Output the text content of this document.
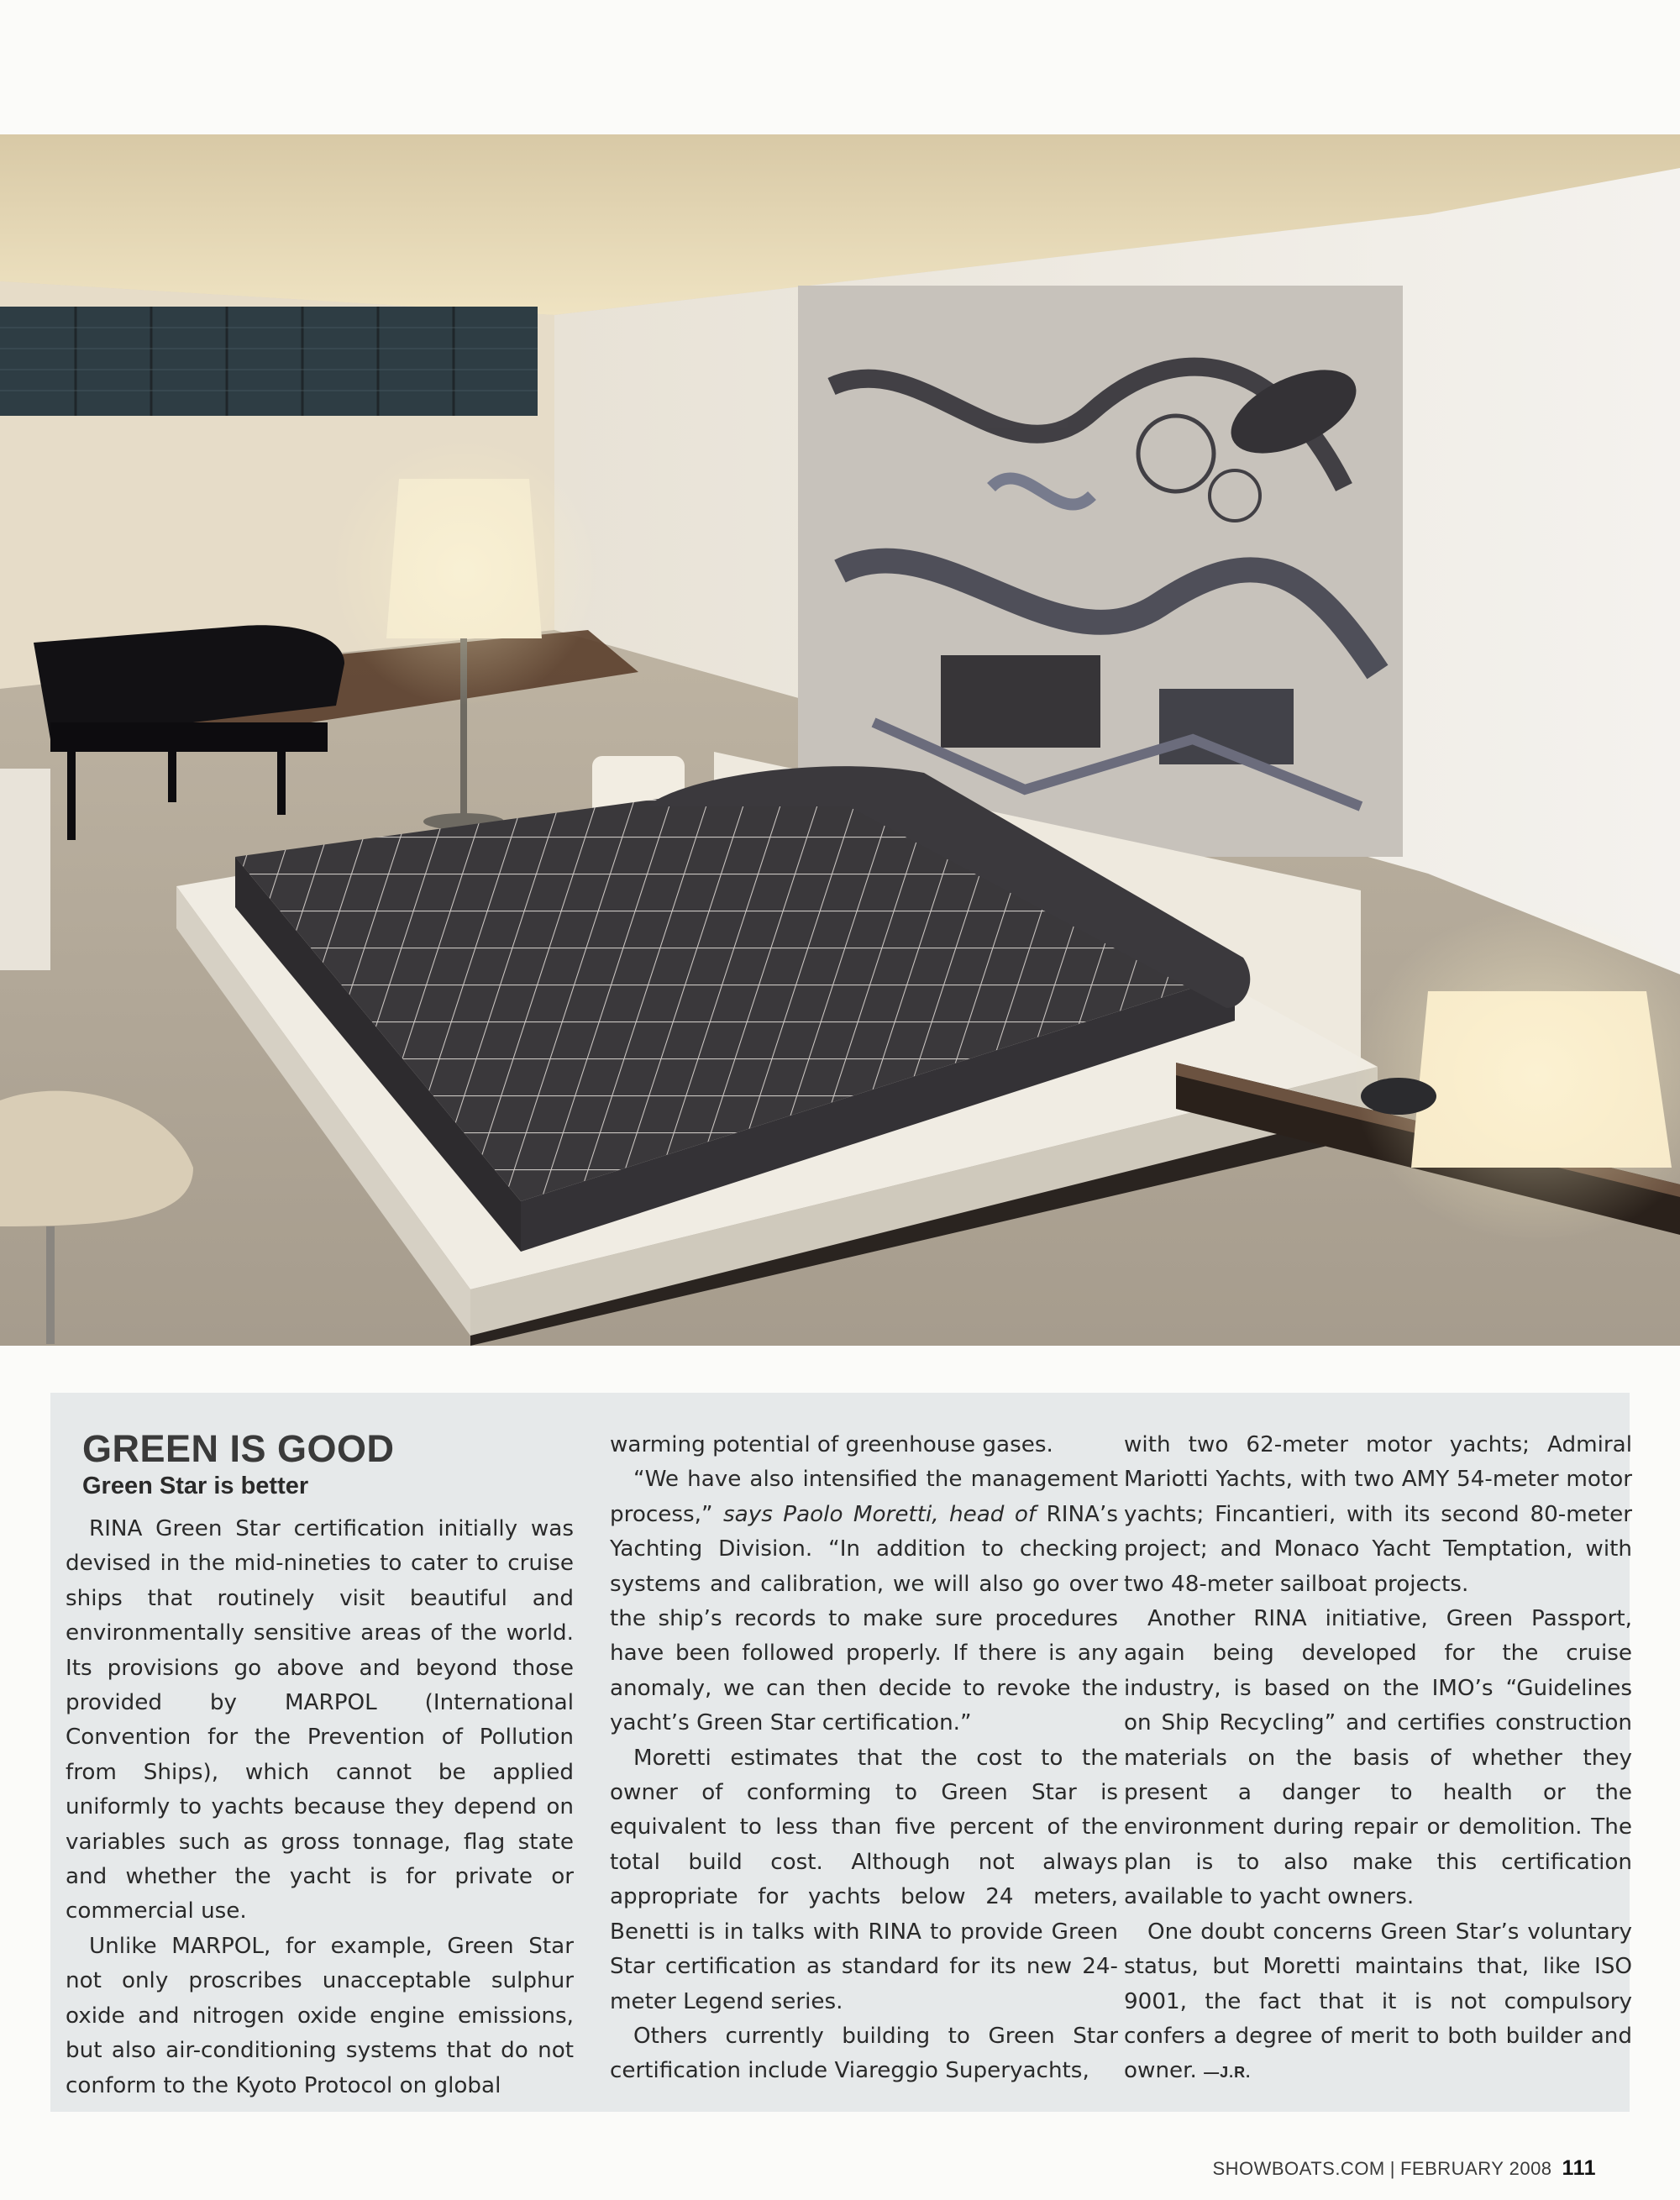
GREEN IS GOOD
Green Star is better

RINA Green Star certification initially was devised in the mid-nineties to cater to cruise ships that routinely visit beautiful and environmentally sensitive areas of the world. Its provisions go above and beyond those provided by MARPOL (International Convention for the Prevention of Pollution from Ships), which cannot be applied uniformly to yachts because they depend on variables such as gross tonnage, flag state and whether the yacht is for private or commercial use.

Unlike MARPOL, for example, Green Star not only proscribes unacceptable sulphur oxide and nitrogen oxide engine emissions, but also air-conditioning systems that do not conform to the Kyoto Protocol on global

warming potential of greenhouse gases.

“We have also intensified the management process,” says Paolo Moretti, head of RINA’s Yachting Division. “In addition to checking systems and calibration, we will also go over the ship’s records to make sure procedures have been followed properly. If there is any anomaly, we can then decide to revoke the yacht’s Green Star certification.”

Moretti estimates that the cost to the owner of conforming to Green Star is equivalent to less than five percent of the total build cost. Although not always appropriate for yachts below 24 meters, Benetti is in talks with RINA to provide Green Star certification as standard for its new 24-meter Legend series.

Others currently building to Green Star certification include Viareggio Superyachts,

with two 62-meter motor yachts; Admiral Mariotti Yachts, with two AMY 54-meter motor yachts; Fincantieri, with its second 80-meter project; and Monaco Yacht Temptation, with two 48-meter sailboat projects.

Another RINA initiative, Green Passport, again being developed for the cruise industry, is based on the IMO’s “Guidelines on Ship Recycling” and certifies construction materials on the basis of whether they present a danger to health or the environment during repair or demolition. The plan is to also make this certification available to yacht owners.

One doubt concerns Green Star’s voluntary status, but Moretti maintains that, like ISO 9001, the fact that it is not compulsory confers a degree of merit to both builder and owner. —J.R.

SHOWBOATS.COM | FEBRUARY 2008 111
